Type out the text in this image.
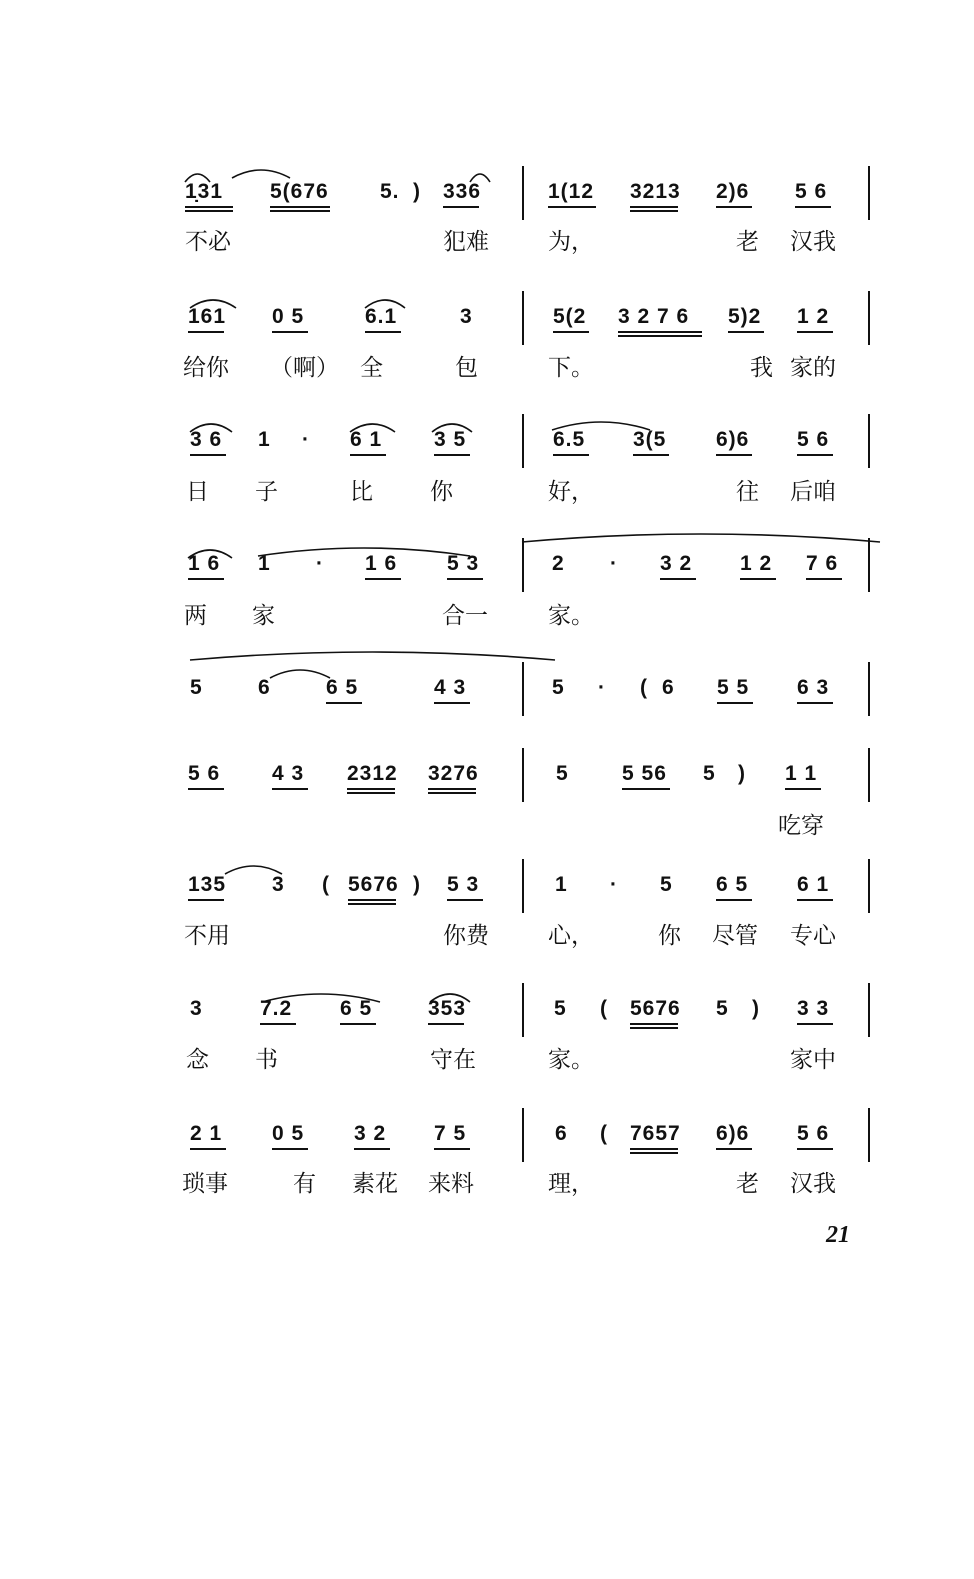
1̣31 5(676 5. ) 336	1(12 3213 2)6 5 6
不必	犯难	为，	老 汉我
161 0 5	6.1	3	5(2 3 2 7 6 5)2 1 2
给你 （啊） 全	包	下。	我 家的
3 6 1 · 6 1 3 5	6.5 3(5 6)6 5 6
日 子	比 你	好，	往 后咱
1 6 1 · 1 6 5 3	2 · 3 2 1 2 7 6
两 家	合一	家。
5	6	6 5	4 3	5 · ( 6 5 5 6 3
5 6 4 3 2312 3276	5	5 56 5 ) 1 1
吃穿
135 3 ( 5676 ) 5 3	1 · 5 6 5 6 1
不用	你费	心，	你 尽管 专心
3	7.2 6 5	353	5 ( 5676 5 ) 3 3
念 书	守在	家。	家中
2 1 0 5 3 2 7 5	6 ( 7657 6)6 5 6
琐事	有 素花 来料	理，	老 汉我
21
